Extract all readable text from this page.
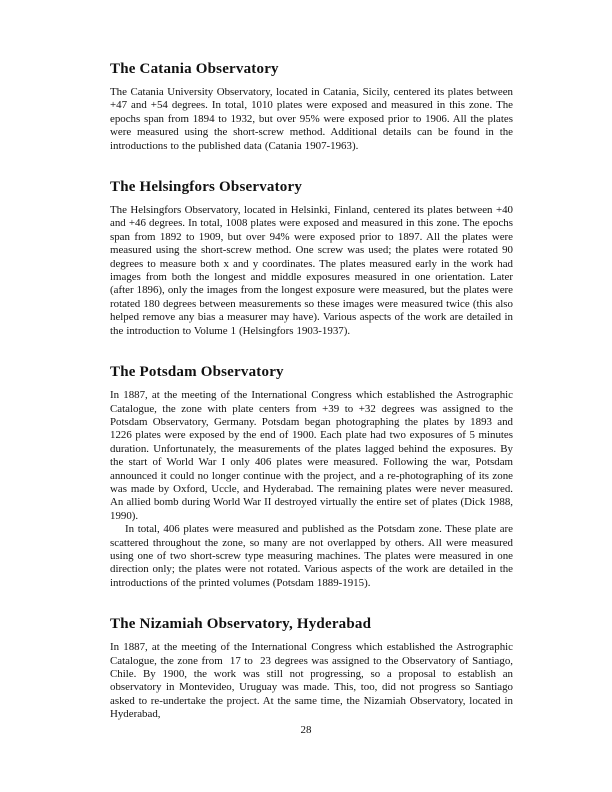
The Catania Observatory

The Catania University Observatory, located in Catania, Sicily, centered its plates between +47 and +54 degrees. In total, 1010 plates were exposed and measured in this zone. The epochs span from 1894 to 1932, but over 95% were exposed prior to 1906. All the plates were measured using the short-screw method. Additional details can be found in the introductions to the published data (Catania 1907-1963).

The Helsingfors Observatory

The Helsingfors Observatory, located in Helsinki, Finland, centered its plates between +40 and +46 degrees. In total, 1008 plates were exposed and measured in this zone. The epochs span from 1892 to 1909, but over 94% were exposed prior to 1897. All the plates were measured using the short-screw method. One screw was used; the plates were rotated 90 degrees to measure both x and y coordinates. The plates measured early in the work had images from both the longest and middle exposures measured in one orientation. Later (after 1896), only the images from the longest exposure were measured, but the plates were rotated 180 degrees between measurements so these images were measured twice (this also helped remove any bias a measurer may have). Various aspects of the work are detailed in the introduction to Volume 1 (Helsingfors 1903-1937).

The Potsdam Observatory

In 1887, at the meeting of the International Congress which established the Astrographic Catalogue, the zone with plate centers from +39 to +32 degrees was assigned to the Potsdam Observatory, Germany. Potsdam began photographing the plates by 1893 and 1226 plates were exposed by the end of 1900. Each plate had two exposures of 5 minutes duration. Unfortunately, the measurements of the plates lagged behind the exposures. By the start of World War I only 406 plates were measured. Following the war, Potsdam announced it could no longer continue with the project, and a re-photographing of its zone was made by Oxford, Uccle, and Hyderabad. The remaining plates were never measured. An allied bomb during World War II destroyed virtually the entire set of plates (Dick 1988, 1990).

In total, 406 plates were measured and published as the Potsdam zone. These plate are scattered throughout the zone, so many are not overlapped by others. All were measured using one of two short-screw type measuring machines. The plates were measured in one direction only; the plates were not rotated. Various aspects of the work are detailed in the introductions of the printed volumes (Potsdam 1889-1915).

The Nizamiah Observatory, Hyderabad

In 1887, at the meeting of the International Congress which established the Astrographic Catalogue, the zone from  17 to  23 degrees was assigned to the Observatory of Santiago, Chile. By 1900, the work was still not progressing, so a proposal to establish an observatory in Montevideo, Uruguay was made. This, too, did not progress so Santiago asked to re-undertake the project. At the same time, the Nizamiah Observatory, located in Hyderabad,

28
